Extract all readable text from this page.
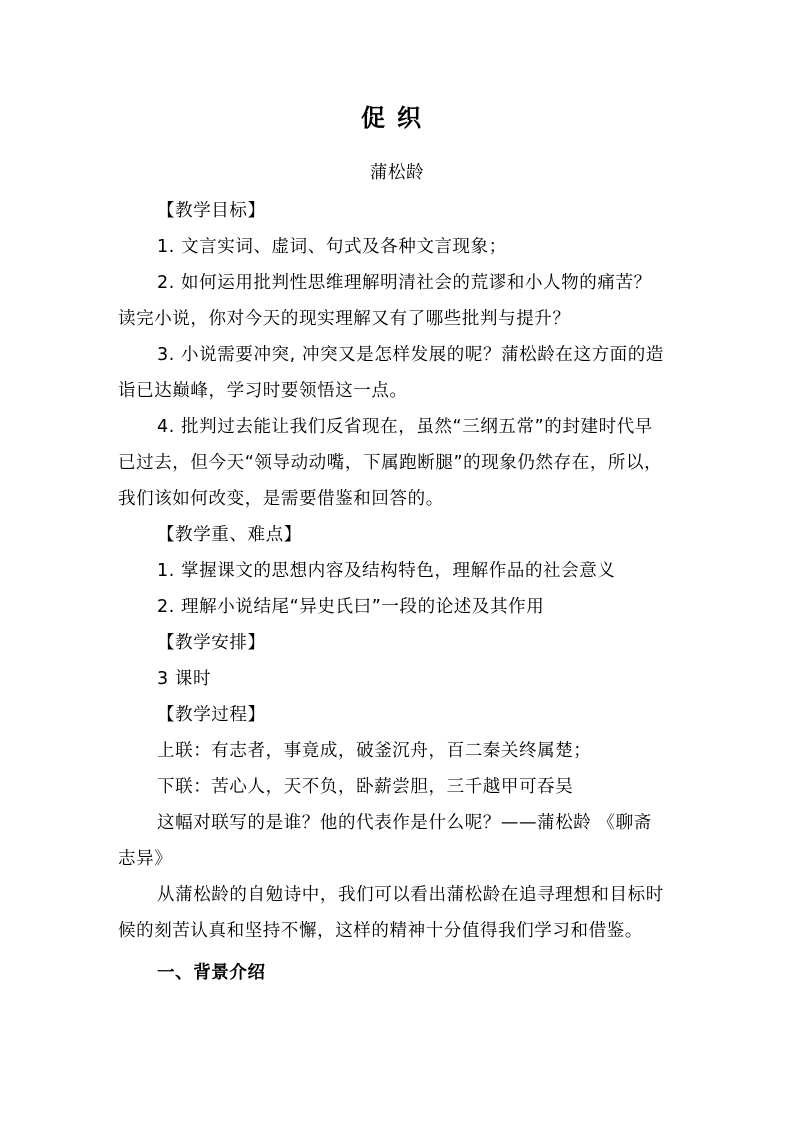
促织
蒲松龄
【教学目标】
1. 文言实词、虚词、句式及各种文言现象；
2. 如何运用批判性思维理解明清社会的荒谬和小人物的痛苦？
读完小说，你对今天的现实理解又有了哪些批判与提升？
3. 小说需要冲突, 冲突又是怎样发展的呢？蒲松龄在这方面的造
诣已达巅峰，学习时要领悟这一点。
4. 批判过去能让我们反省现在，虽然“三纲五常”的封建时代早
已过去，但今天“领导动动嘴，下属跑断腿”的现象仍然存在，所以，
我们该如何改变，是需要借鉴和回答的。
【教学重、难点】
1. 掌握课文的思想内容及结构特色，理解作品的社会意义
2. 理解小说结尾“异史氏曰”一段的论述及其作用
【教学安排】
3 课时
【教学过程】
上联：有志者，事竟成，破釜沉舟，百二秦关终属楚；
下联：苦心人，天不负，卧薪尝胆，三千越甲可吞吴
这幅对联写的是谁？他的代表作是什么呢？——蒲松龄 《聊斋
志异》
从蒲松龄的自勉诗中，我们可以看出蒲松龄在追寻理想和目标时
候的刻苦认真和坚持不懈，这样的精神十分值得我们学习和借鉴。
一、背景介绍
